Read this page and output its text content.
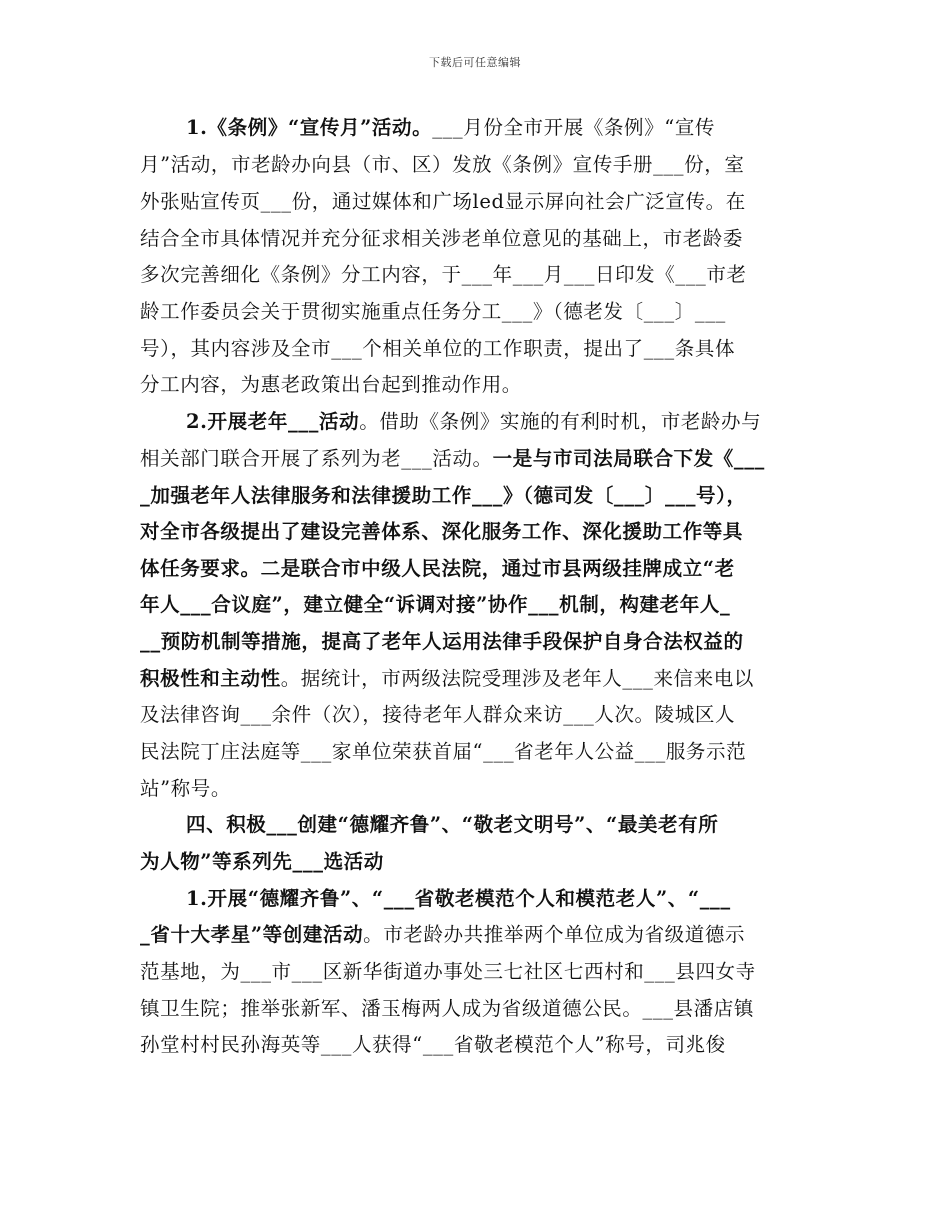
下载后可任意编辑
1.《条例》“宣传月”活动。___月份全市开展《条例》“宣传
月”活动，市老龄办向县（市、区）发放《条例》宣传手册___份，室
外张贴宣传页___份，通过媒体和广场led显示屏向社会广泛宣传。在
结合全市具体情况并充分征求相关涉老单位意见的基础上，市老龄委
多次完善细化《条例》分工内容，于___年___月___日印发《___市老
龄工作委员会关于贯彻实施重点任务分工___》（德老发〔___〕___
号），其内容涉及全市___个相关单位的工作职责，提出了___条具体
分工内容，为惠老政策出台起到推动作用。
2.开展老年___活动。借助《条例》实施的有利时机，市老龄办与
相关部门联合开展了系列为老___活动。一是与市司法局联合下发《___
_加强老年人法律服务和法律援助工作___》（德司发〔___〕___号），
对全市各级提出了建设完善体系、深化服务工作、深化援助工作等具
体任务要求。二是联合市中级人民法院，通过市县两级挂牌成立“老
年人___合议庭”，建立健全“诉调对接”协作___机制，构建老年人_
__预防机制等措施，提高了老年人运用法律手段保护自身合法权益的
积极性和主动性。据统计，市两级法院受理涉及老年人___来信来电以
及法律咨询___余件（次），接待老年人群众来访___人次。陵城区人
民法院丁庄法庭等___家单位荣获首届“___省老年人公益___服务示范
站”称号。
四、积极___创建“德耀齐鲁”、“敬老文明号”、“最美老有所
为人物”等系列先___选活动
1.开展“德耀齐鲁”、“___省敬老模范个人和模范老人”、“___
_省十大孝星”等创建活动。市老龄办共推举两个单位成为省级道德示
范基地，为___市___区新华街道办事处三七社区七西村和___县四女寺
镇卫生院；推举张新军、潘玉梅两人成为省级道德公民。___县潘店镇
孙堂村村民孙海英等___人获得“___省敬老模范个人”称号，司兆俊
